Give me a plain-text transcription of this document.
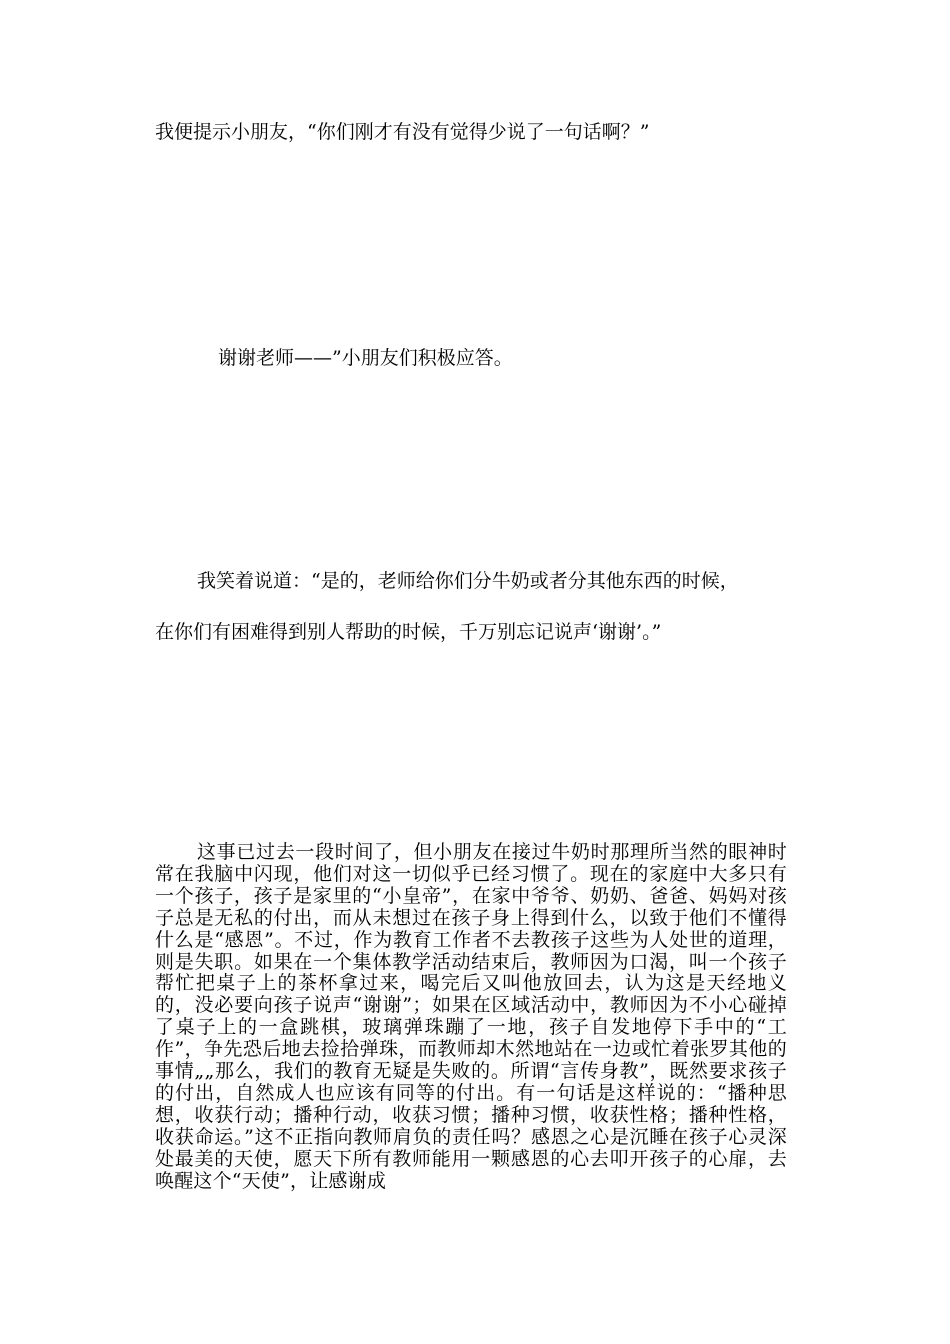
我便提示小朋友，“你们刚才有没有觉得少说了一句话啊？”

谢谢老师——”小朋友们积极应答。

我笑着说道：“是的，老师给你们分牛奶或者分其他东西的时候，

在你们有困难得到别人帮助的时候，千万别忘记说声‘谢谢’。”

这事已过去一段时间了，但小朋友在接过牛奶时那理所当然的眼神时常在我脑中闪现，他们对这一切似乎已经习惯了。现在的家庭中大多只有一个孩子，孩子是家里的“小皇帝”，在家中爷爷、奶奶、爸爸、妈妈对孩子总是无私的付出，而从未想过在孩子身上得到什么，以致于他们不懂得什么是“感恩”。不过，作为教育工作者不去教孩子这些为人处世的道理，则是失职。如果在一个集体教学活动结束后，教师因为口渴，叫一个孩子帮忙把桌子上的茶杯拿过来，喝完后又叫他放回去，认为这是天经地义的，没必要向孩子说声“谢谢”；如果在区域活动中，教师因为不小心碰掉了桌子上的一盒跳棋，玻璃弹珠蹦了一地，孩子自发地停下手中的“工作”，争先恐后地去捡拾弹珠，而教师却木然地站在一边或忙着张罗其他的事情„„那么，我们的教育无疑是失败的。所谓“言传身教”，既然要求孩子的付出，自然成人也应该有同等的付出。有一句话是这样说的：“播种思想，收获行动；播种行动，收获习惯；播种习惯，收获性格；播种性格，收获命运。”这不正指向教师肩负的责任吗？感恩之心是沉睡在孩子心灵深处最美的天使，愿天下所有教师能用一颗感恩的心去叩开孩子的心扉，去唤醒这个“天使”，让感谢成
